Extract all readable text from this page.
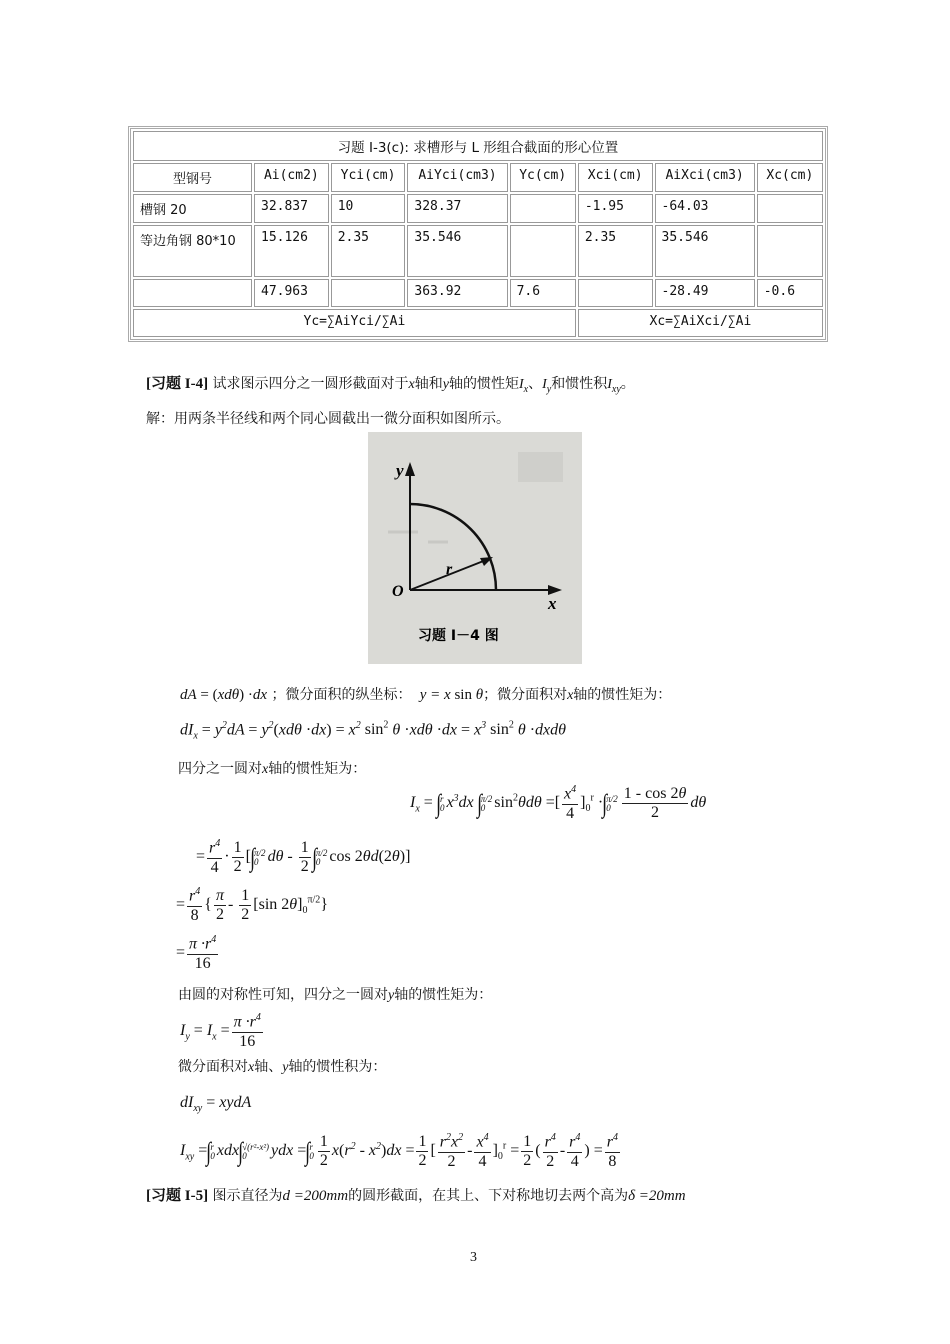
习题 I-3(c): 求槽形与 L 形组合截面的形心位置							
型钢号	Ai(cm2)	Yci(cm)	AiYci(cm3)	Yc(cm)	Xci(cm)	AiXci(cm3)	Xc(cm)
槽钢 20	32.837	10	328.37		-1.95	-64.03	
等边角钢 80*10	15.126	2.35	35.546		2.35	35.546	
	47.963		363.92	7.6		-28.49	-0.6
Yc=∑AiYci/∑Ai					Xc=∑AiXci/∑Ai		
[习题 I-4] 试求图示四分之一圆形截面对于x轴和y轴的惯性矩$I_x$、$I_y$和惯性积$I_{xy}$。
解：用两条半径线和两个同心圆截出一微分面积如图所示。
y
x
O
r
习题 I－4 图
dA = (xdθ) ·dx ；微分面积的纵坐标：  y = x sin θ；微分面积对x轴的惯性矩为：
$dI_x = y^2dA = y^2(xd\theta \cdot dx) = x^2$ $\sin^2 \theta \cdot xd\theta \cdot dx = x^3$ $\sin^2 \theta \cdot dxd\theta$
四分之一圆对x轴的惯性矩为：
$I_x$ = ∫ r
0 $x^3dx$ ∫ π/2
0 $\sin^2\theta d\theta$ =[ $\frac{x^4}{4} ]_0^r$ ·∫ π/2
$0 \frac{1 - \cos 2\theta}{2}$ dθ
= $\frac{r^4}{4} \cdot \frac{1}{2}$ [∫ π/2
0 dθ - $\frac{1}{2}$ ∫ π/2
0 cos 2θd(2θ)]
= $\frac{r^4}{8}$ { $\frac{\pi}{2} - \frac{1}{2} [\sin$ $2\theta]_0^{\pi/2}$}
= $\frac{\pi \cdot r^4}{16}$
由圆的对称性可知，四分之一圆对y轴的惯性矩为：
$I_y = I_x = \frac{\pi \cdot r^4}{16}$
微分面积对x轴、y轴的惯性积为：
$dI_{xy}$ = xydA
$I_{xy}$ =∫ r
0 xdx∫ √(r²-x²)
0	ydx =∫ r
$0 \frac{1}{2} x(r^2 - x^2)dx = \frac{1}{2}$ [ $\frac{r^2x^2}{2} - \frac{x^4}{4} ]_0^r = \frac{1}{2}$ ( $\frac{r^4}{2} - \frac{r^4}{4}$ ) = $\frac{r^4}{8}$
[习题 I-5] 图示直径为d =200mm的圆形截面，在其上、下对称地切去两个高为δ =20mm
3
